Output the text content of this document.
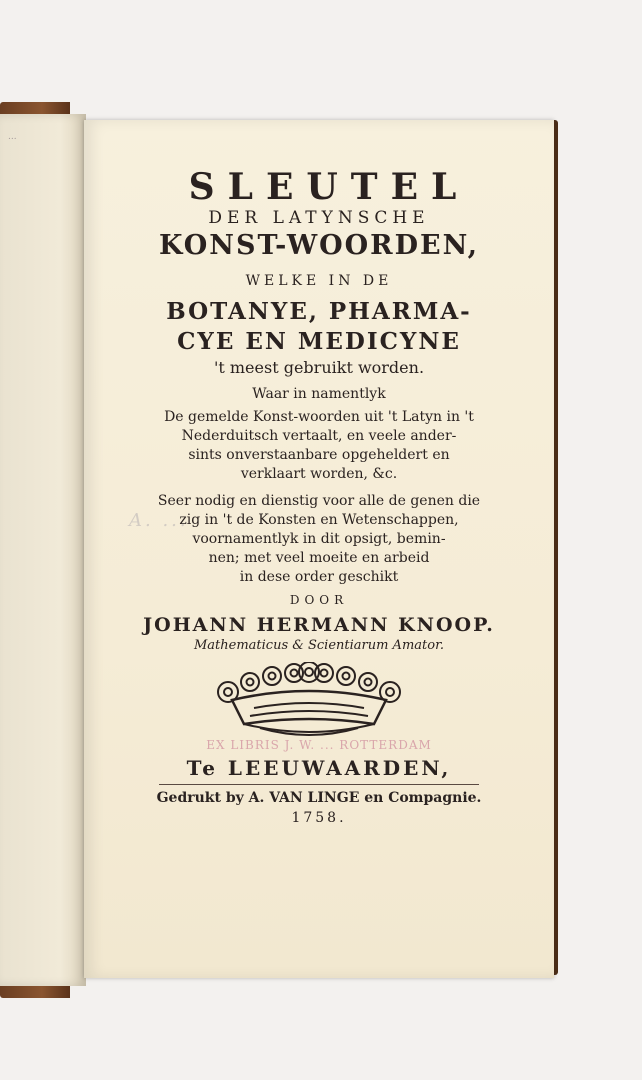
...
SLEUTEL
DER LATYNSCHE
KONST-WOORDEN,
WELKE IN DE
BOTANYE, PHARMA-
CYE EN MEDICYNE
't meest gebruikt worden.
Waar in namentlyk
De gemelde Konst-woorden uit 't Latyn in 't
Nederduitsch vertaalt, en veele ander-
sints onverstaanbare opgeheldert en
verklaart worden, &c.
A. ...
Seer nodig en dienstig voor alle de genen die
zig in 't de Konsten en Wetenschappen,
voornamentlyk in dit opsigt, bemin-
nen; met veel moeite en arbeid
in dese order geschikt
DOOR
JOHANN HERMANN KNOOP.
Mathematicus & Scientiarum Amator.
EX LIBRIS J. W. ... ROTTERDAM
Te LEEUWAARDEN,
Gedrukt by A. VAN LINGE en Compagnie.
1758.
